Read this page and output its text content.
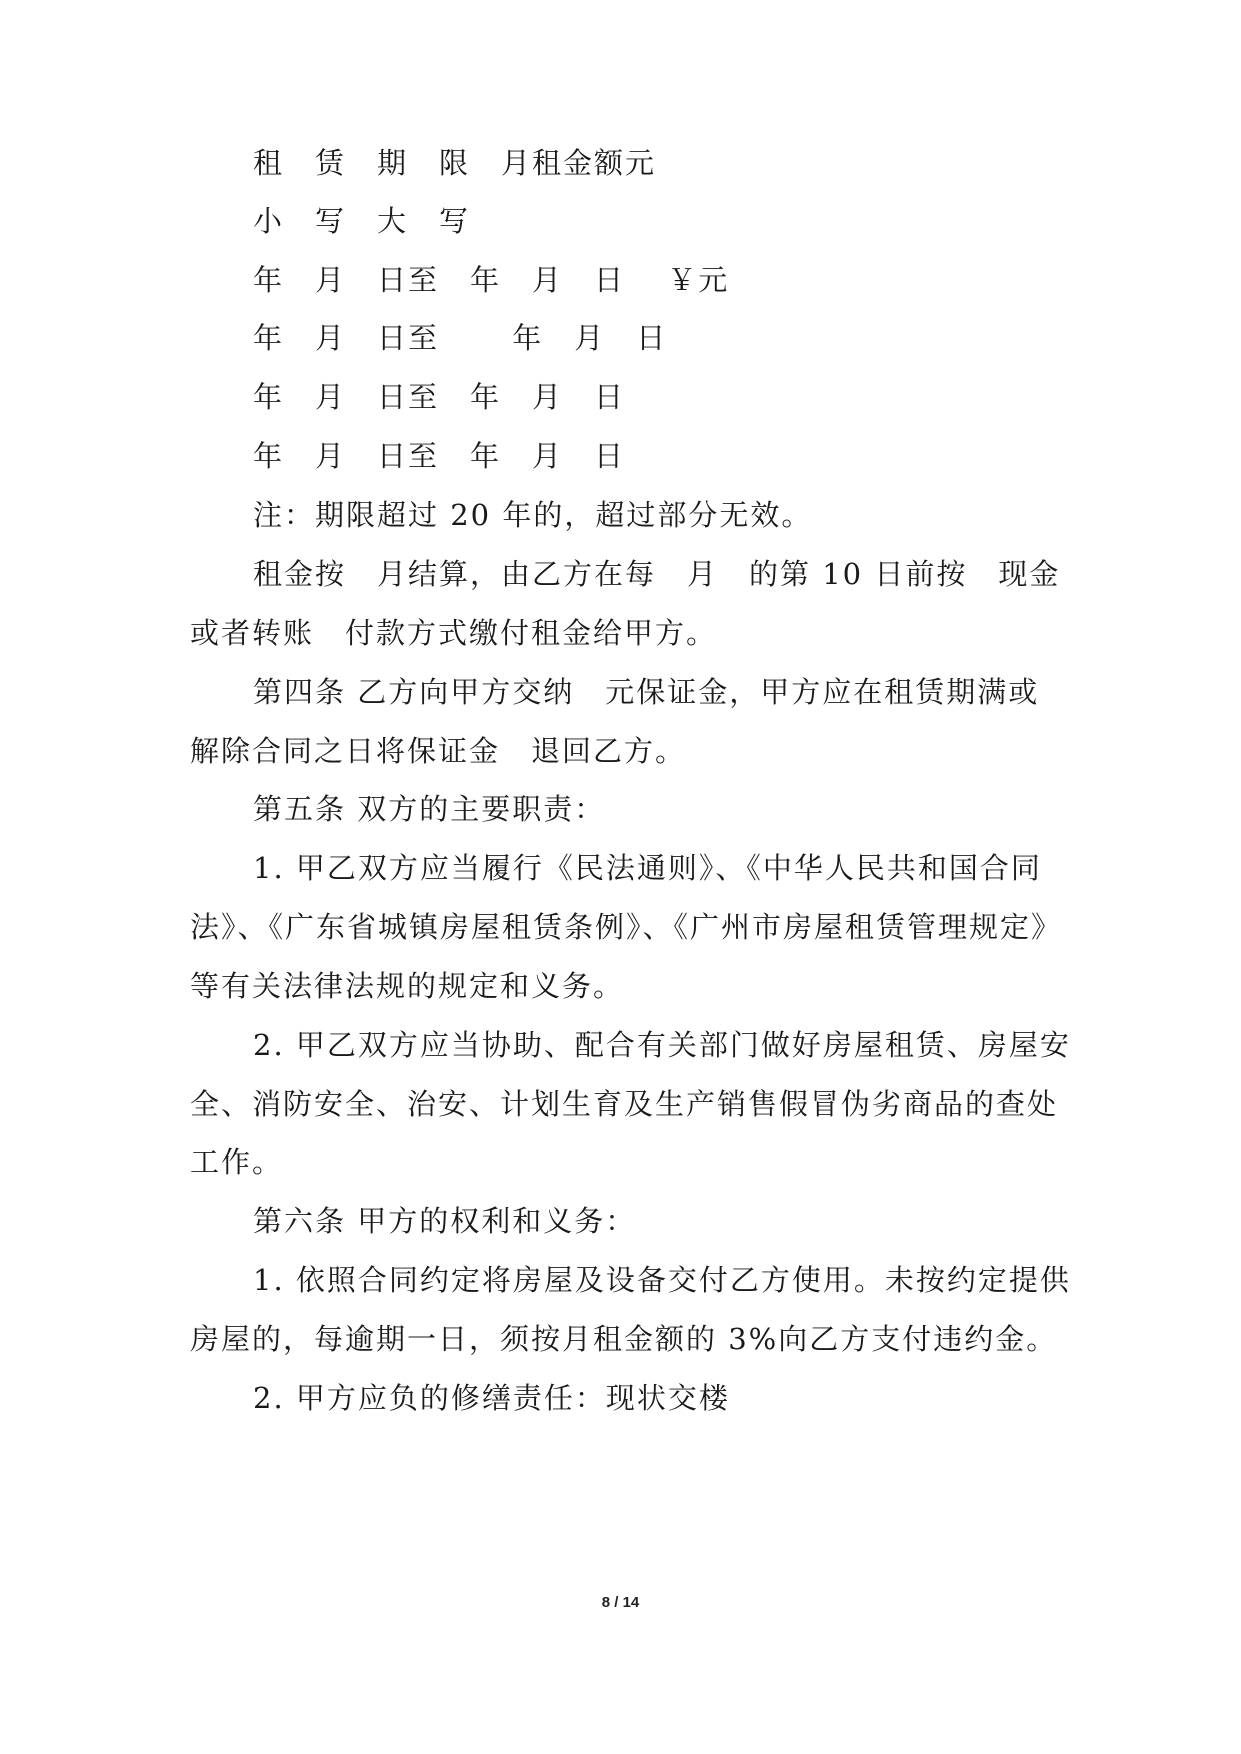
租　赁　期　限　月租金额元
小　写　大　写
年　月　日至　年　月　日　 ￥元
年　月　日至　 　年　月　日
年　月　日至　年　月　日
年　月　日至　年　月　日
注：期限超过 20 年的，超过部分无效。
租金按　月结算，由乙方在每　月　的第 10 日前按　现金
或者转账　付款方式缴付租金给甲方。
第四条 乙方向甲方交纳　元保证金，甲方应在租赁期满或
解除合同之日将保证金　退回乙方。
第五条 双方的主要职责：
1. 甲乙双方应当履行《民法通则》、《中华人民共和国合同
法》、《广东省城镇房屋租赁条例》、《广州市房屋租赁管理规定》
等有关法律法规的规定和义务。
2. 甲乙双方应当协助、配合有关部门做好房屋租赁、房屋安
全、消防安全、治安、计划生育及生产销售假冒伪劣商品的查处
工作。
第六条 甲方的权利和义务：
1. 依照合同约定将房屋及设备交付乙方使用。未按约定提供
房屋的，每逾期一日，须按月租金额的 3%向乙方支付违约金。
2. 甲方应负的修缮责任：现状交楼
8 / 14
